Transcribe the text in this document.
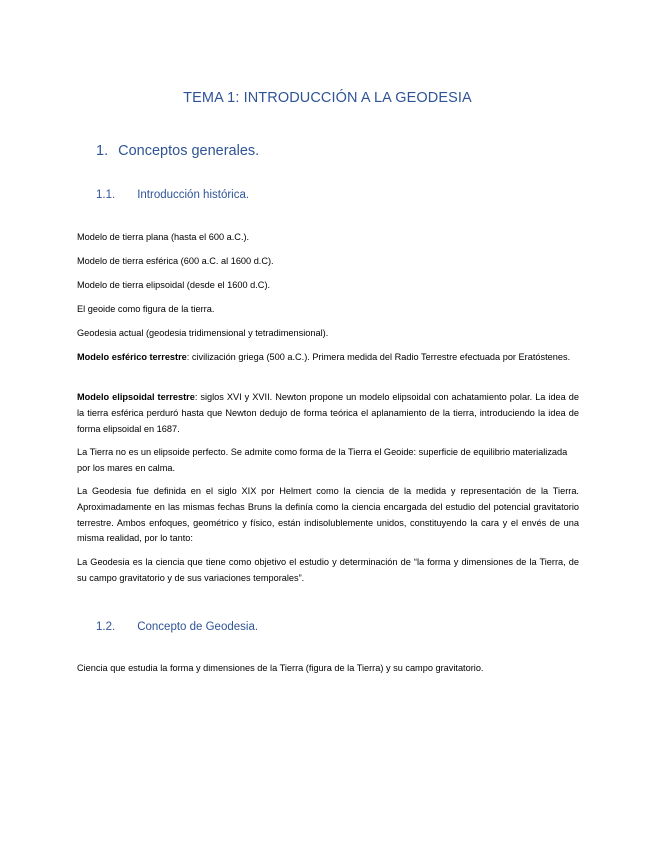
TEMA 1: INTRODUCCIÓN A LA GEODESIA
1. Conceptos generales.
1.1. Introducción histórica.

Modelo de tierra plana (hasta el 600 a.C.).

Modelo de tierra esférica (600 a.C. al 1600 d.C).

Modelo de tierra elipsoidal (desde el 1600 d.C).

El geoide como figura de la tierra.

Geodesia actual (geodesia tridimensional y tetradimensional).

Modelo esférico terrestre: civilización griega (500 a.C.). Primera medida del Radio Terrestre efectuada por Eratóstenes.

Modelo elipsoidal terrestre: siglos XVI y XVII. Newton propone un modelo elipsoidal con achatamiento polar. La idea de la tierra esférica perduró hasta que Newton dedujo de forma teórica el aplanamiento de la tierra, introduciendo la idea de forma elipsoidal en 1687.

La Tierra no es un elipsoide perfecto. Se admite como forma de la Tierra el Geoide: superficie de equilibrio materializada por los mares en calma.

La Geodesia fue definida en el siglo XIX por Helmert como la ciencia de la medida y representación de la Tierra. Aproximadamente en las mismas fechas Bruns la definía como la ciencia encargada del estudio del potencial gravitatorio terrestre. Ambos enfoques, geométrico y físico, están indisolublemente unidos, constituyendo la cara y el envés de una misma realidad, por lo tanto:

La Geodesia es la ciencia que tiene como objetivo el estudio y determinación de “la forma y dimensiones de la Tierra, de su campo gravitatorio y de sus variaciones temporales”.

1.2. Concepto de Geodesia.

Ciencia que estudia la forma y dimensiones de la Tierra (figura de la Tierra) y su campo gravitatorio.
